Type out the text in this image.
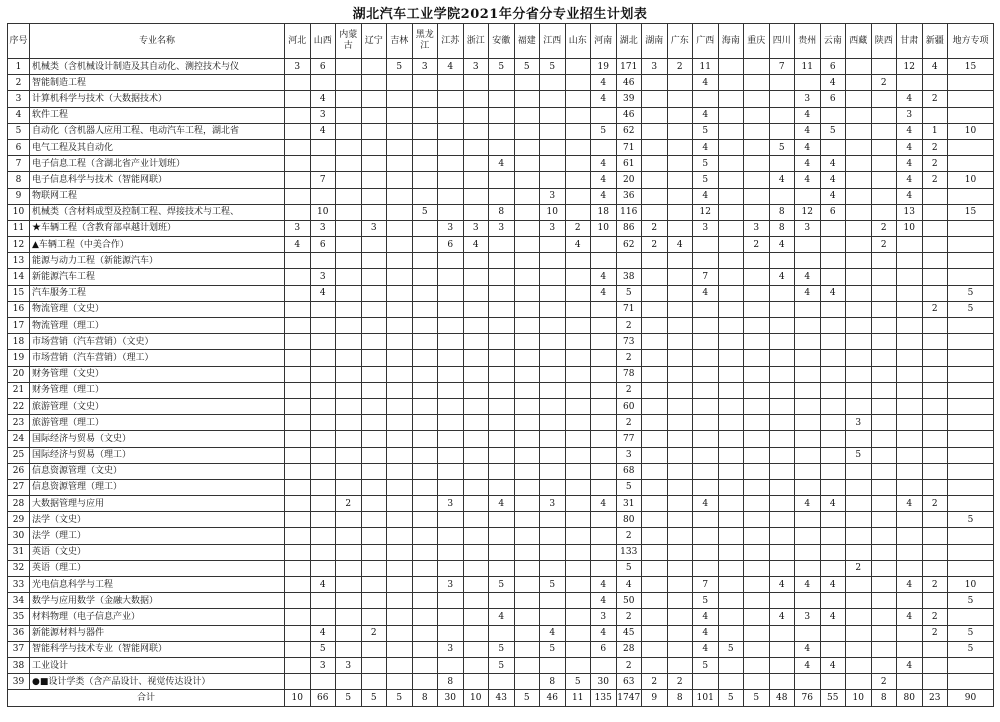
湖北汽车工业学院2021年分省分专业招生计划表
序号	专业名称	河北	山西	内蒙古	辽宁	吉林	黑龙江	江苏	浙江	安徽	福建	江西	山东	河南	湖北	湖南	广东	广西	海南	重庆	四川	贵州	云南	西藏	陕西	甘肃	新疆	地方专项
1	机械类（含机械设计制造及其自动化、测控技术与仪	3	6			5	3	4	3	5	5	5		19	171	3	2	11			7	11	6			12	4	15
2	智能制造工程													4	46			4					4		2			
3	计算机科学与技术（大数据技术）		4											4	39							3	6			4	2	
4	软件工程		3												46			4				4				3		
5	自动化（含机器人应用工程、电动汽车工程，湖北省		4											5	62			5				4	5			4	1	10
6	电气工程及其自动化														71			4			5	4				4	2	
7	电子信息工程（含湖北省产业计划班）									4				4	61			5				4	4			4	2	
8	电子信息科学与技术（智能网联）		7											4	20			5			4	4	4			4	2	10
9	物联网工程											3		4	36			4					4			4		
10	机械类（含材料成型及控制工程、焊接技术与工程、		10				5			8		10		18	116			12			8	12	6			13		15
11	★车辆工程（含教育部卓越计划班）	3	3		3			3	3	3		3	2	10	86	2		3		3	8	3			2	10		
12	▲车辆工程（中美合作）	4	6					6	4				4		62	2	4			2	4				2			
13	能源与动力工程（新能源汽车）																											
14	新能源汽车工程		3											4	38			7			4	4						
15	汽车服务工程		4											4	5			4				4	4					5
16	物流管理（文史）														71												2	5
17	物流管理（理工）														2													
18	市场营销（汽车营销）（文史）														73													
19	市场营销（汽车营销）（理工）														2													
20	财务管理（文史）														78													
21	财务管理（理工）														2													
22	旅游管理（文史）														60													
23	旅游管理（理工）														2									3				
24	国际经济与贸易（文史）														77													
25	国际经济与贸易（理工）														3									5				
26	信息资源管理（文史）														68													
27	信息资源管理（理工）														5													
28	大数据管理与应用			2				3		4		3		4	31			4				4	4			4	2	
29	法学（文史）														80													5
30	法学（理工）														2													
31	英语（文史）														133													
32	英语（理工）														5									2				
33	光电信息科学与工程		4					3		5		5		4	4			7			4	4	4			4	2	10
34	数学与应用数学（金融大数据）													4	50			5										5
35	材料物理（电子信息产业）									4				3	2			4			4	3	4			4	2	
36	新能源材料与器件		4		2							4		4	45			4									2	5
37	智能科学与技术专业（智能网联）		5					3		5		5		6	28			4	5			4						5
38	工业设计		3	3						5					2			5				4	4			4		
39	●■设计学类（含产品设计、视觉传达设计）							8				8	5	30	63	2	2								2			
合计		10	66	5	5	5	8	30	10	43	5	46	11	135	1747	9	8	101	5	5	48	76	55	10	8	80	23	90
